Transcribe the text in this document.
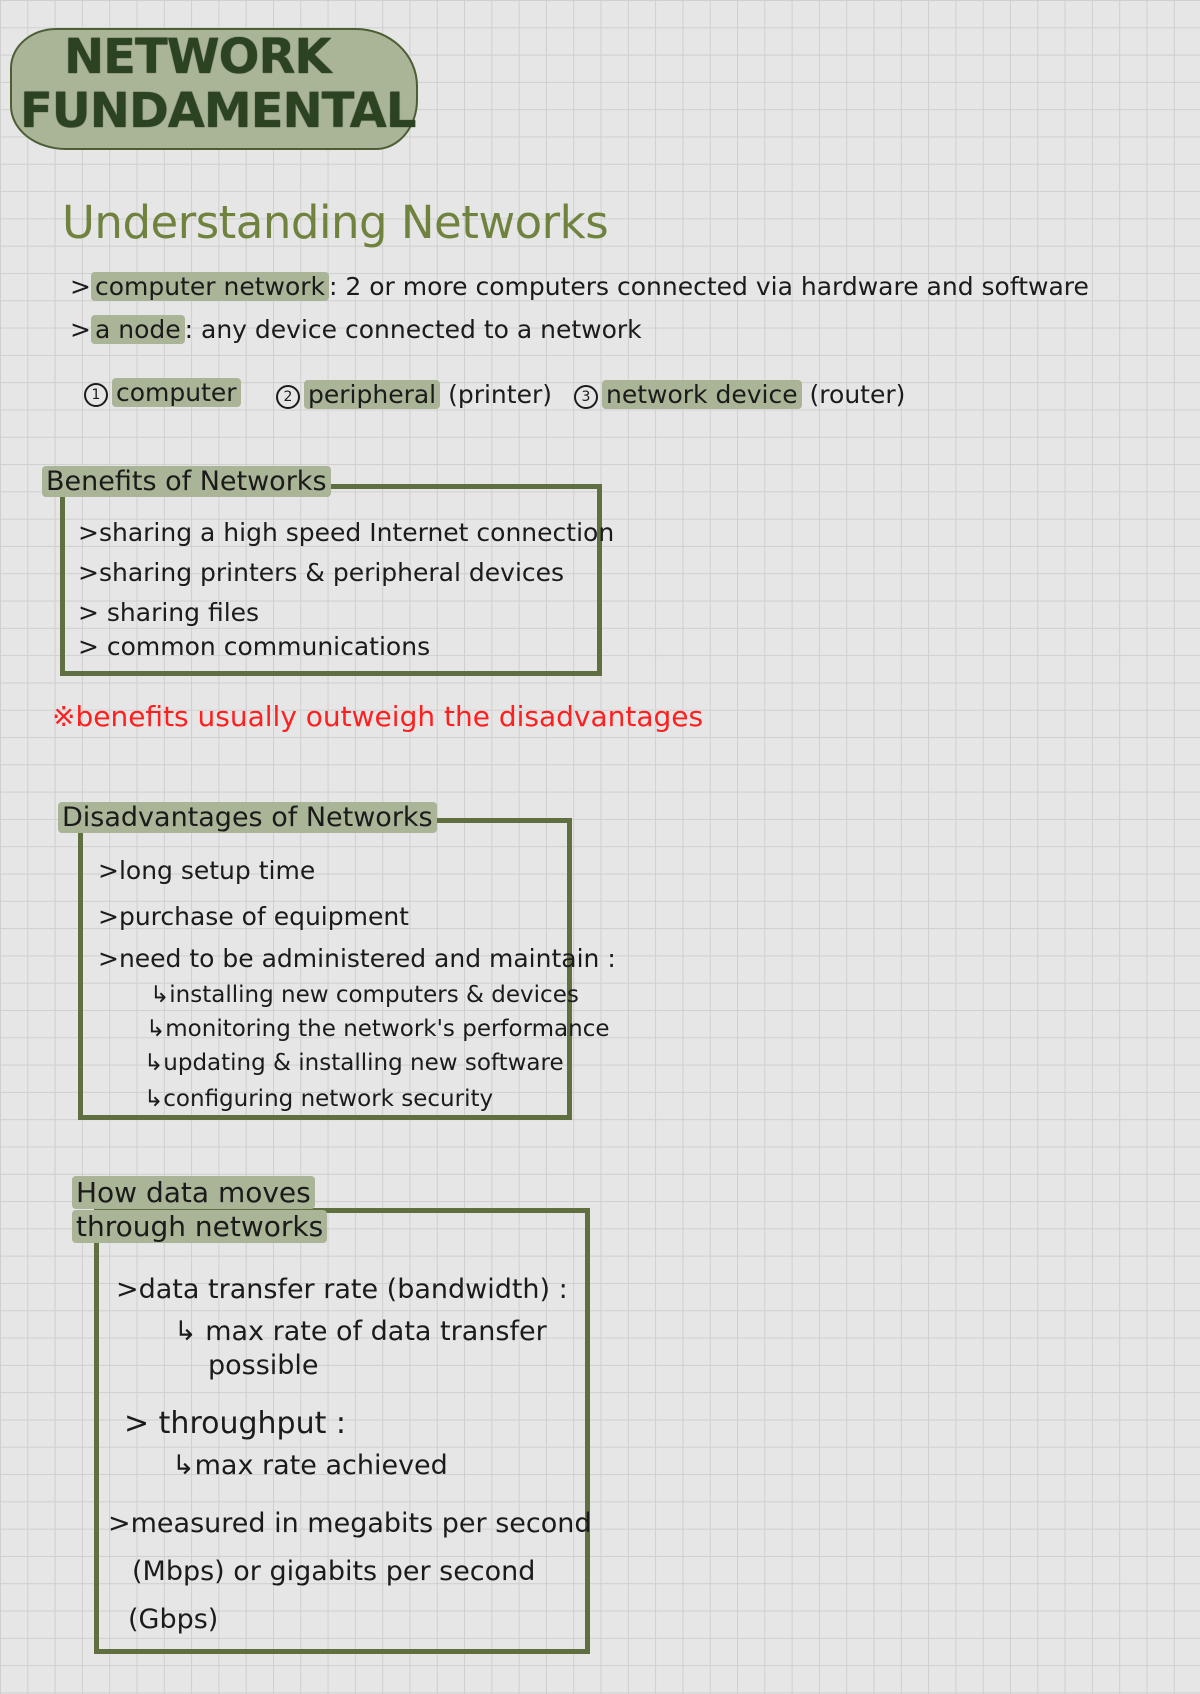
NETWORK
FUNDAMENTAL
Understanding Networks
> computer network : 2 or more computers connected via hardware and software
> a node : any device connected to a network
1 computer	2 peripheral (printer)	3 network device (router)
Benefits of Networks
>sharing a high speed Internet connection
>sharing printers & peripheral devices
> sharing files
> common communications
※benefits usually outweigh the disadvantages
Disadvantages of Networks
>long setup time
>purchase of equipment
>need to be administered and maintain :
↳installing new computers & devices
↳monitoring the network's performance
↳updating & installing new software
↳configuring network security
How data moves
through networks
>data transfer rate (bandwidth) :
↳ max rate of data transfer
possible
> throughput :
↳max rate achieved
>measured in megabits per second
(Mbps) or gigabits per second
(Gbps)
